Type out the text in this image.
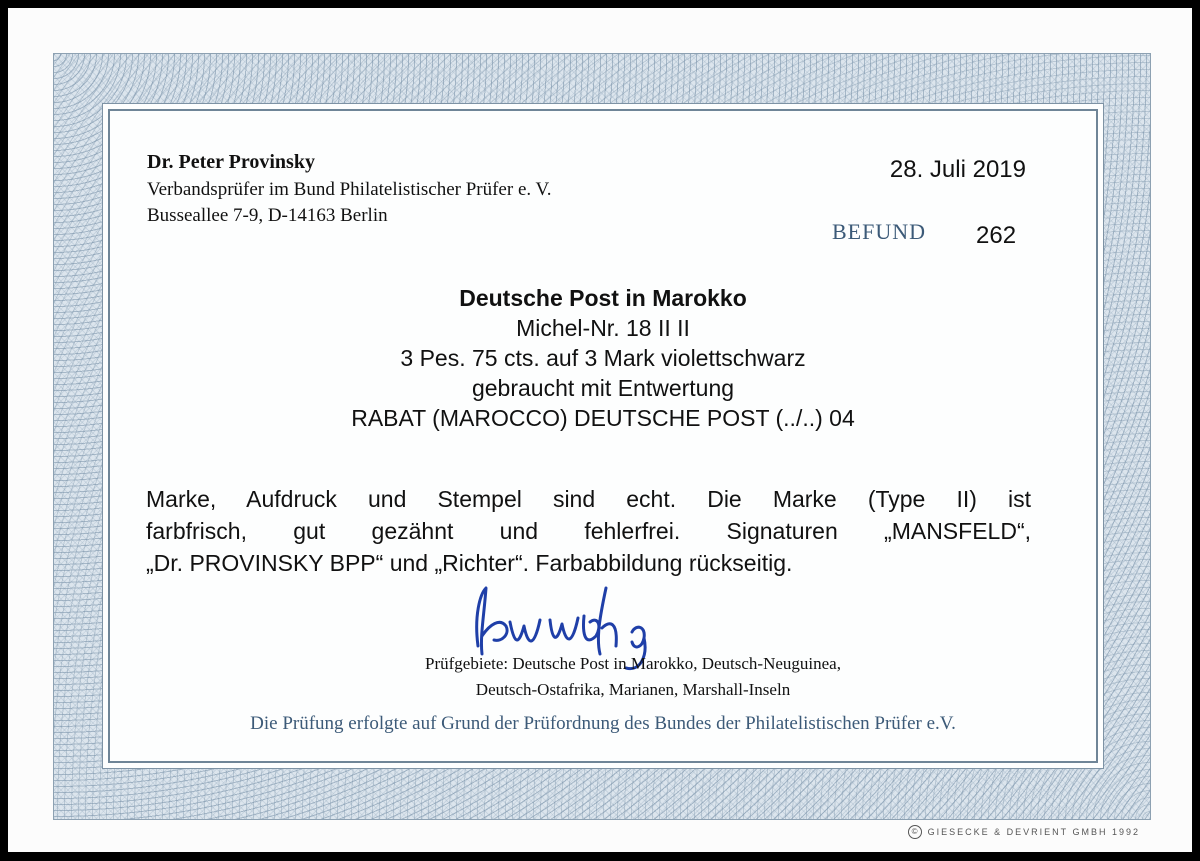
Dr. Peter Provinsky
Verbandsprüfer im Bund Philatelistischer Prüfer e. V.
Busseallee 7-9, D-14163 Berlin
28. Juli 2019
BEFUND 262
Deutsche Post in Marokko
Michel-Nr. 18 II II
3 Pes. 75 cts. auf 3 Mark violettschwarz
gebraucht mit Entwertung
RABAT (MAROCCO) DEUTSCHE POST (../..) 04
Marke, Aufdruck und Stempel sind echt. Die Marke (Type II) ist
farbfrisch, gut gezähnt und fehlerfrei. Signaturen „MANSFELD“,
„Dr. PROVINSKY BPP“ und „Richter“. Farbabbildung rückseitig.
Prüfgebiete: Deutsche Post in Marokko, Deutsch-Neuguinea,
Deutsch-Ostafrika, Marianen, Marshall-Inseln
Die Prüfung erfolgte auf Grund der Prüfordnung des Bundes der Philatelistischen Prüfer e.V.
©	GIESECKE & DEVRIENT GMBH 1992
